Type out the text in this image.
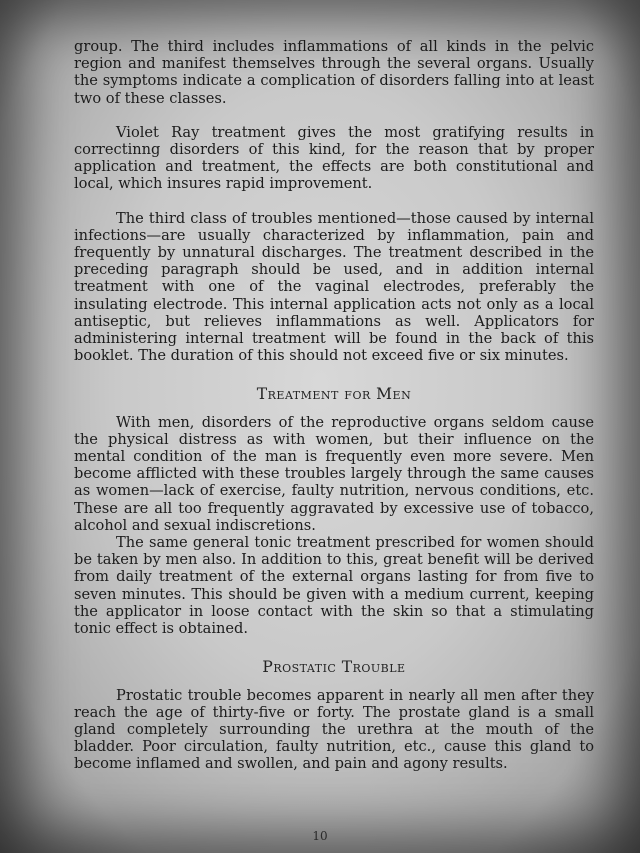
group. The third includes inflammations of all kinds in the pelvic region and manifest themselves through the several organs. Usually the symptoms indicate a complication of disorders falling into at least two of these classes.

Violet Ray treatment gives the most gratifying results in correctinng disorders of this kind, for the reason that by proper application and treatment, the effects are both constitutional and local, which insures rapid improvement.

The third class of troubles mentioned—those caused by internal infections—are usually characterized by inflammation, pain and frequently by unnatural discharges. The treatment described in the preceding paragraph should be used, and in addition internal treatment with one of the vaginal electrodes, preferably the insulating electrode. This internal application acts not only as a local antiseptic, but relieves inflammations as well. Applicators for administering internal treatment will be found in the back of this booklet. The duration of this should not exceed five or six minutes.

Treatment for Men

With men, disorders of the reproductive organs seldom cause the physical distress as with women, but their influence on the mental condition of the man is frequently even more severe. Men become afflicted with these troubles largely through the same causes as women—lack of exercise, faulty nutrition, nervous conditions, etc. These are all too frequently aggravated by excessive use of tobacco, alcohol and sexual indiscretions.

The same general tonic treatment prescribed for women should be taken by men also. In addition to this, great benefit will be derived from daily treatment of the external organs lasting for from five to seven minutes. This should be given with a medium current, keeping the applicator in loose contact with the skin so that a stimulating tonic effect is obtained.

Prostatic Trouble

Prostatic trouble becomes apparent in nearly all men after they reach the age of thirty-five or forty. The prostate gland is a small gland completely surrounding the urethra at the mouth of the bladder. Poor circulation, faulty nutrition, etc., cause this gland to become inflamed and swollen, and pain and agony results.

10
